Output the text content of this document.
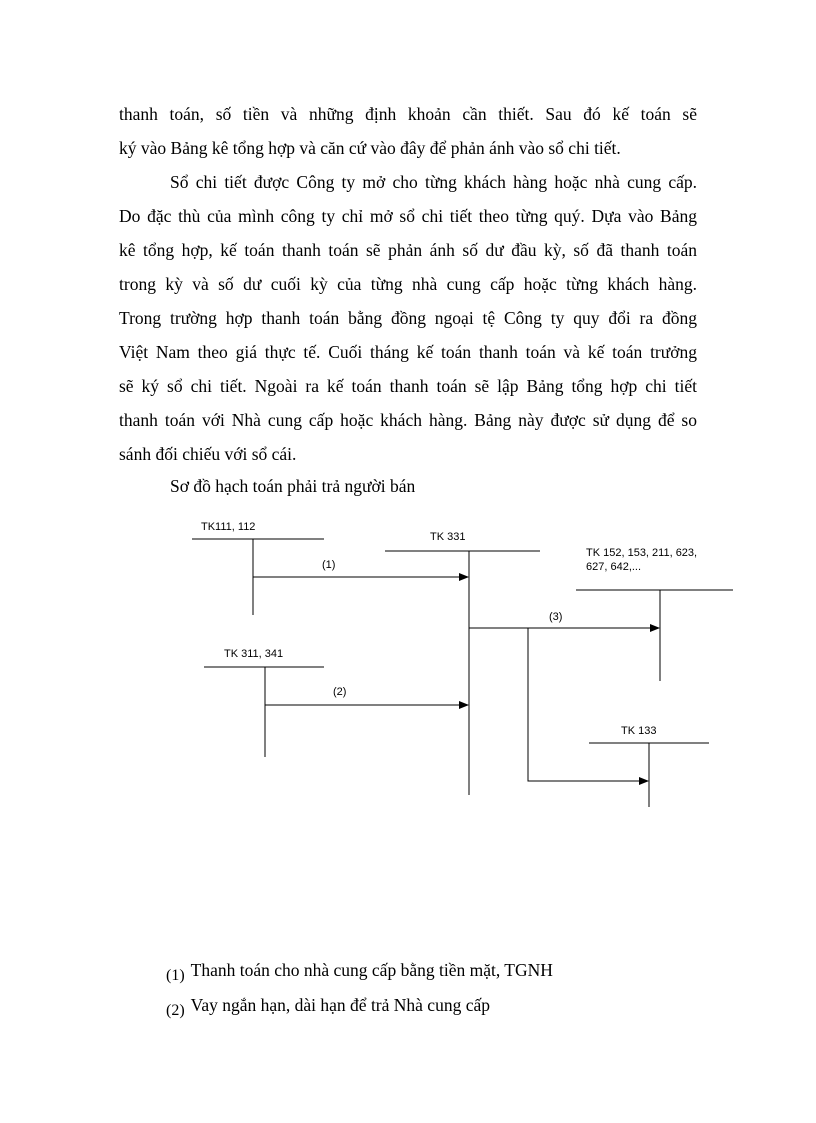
thanh toán, số tiền và những định khoản cần thiết. Sau đó kế toán sẽ
ký vào Bảng kê tổng hợp và căn cứ vào đây để phản ánh vào sổ chi tiết.
Sổ chi tiết được Công ty mở cho từng khách hàng hoặc nhà cung cấp.
Do đặc thù của mình công ty chỉ mở sổ chi tiết theo từng quý. Dựa vào Bảng
kê tổng hợp, kế toán thanh toán sẽ phản ánh số dư đầu kỳ, số đã thanh toán
trong kỳ và số dư cuối kỳ của từng nhà cung cấp hoặc từng khách hàng.
Trong trường hợp thanh toán bằng đồng ngoại tệ Công ty quy đổi ra đồng
Việt Nam theo giá thực tế. Cuối tháng kế toán thanh toán và kế toán trưởng
sẽ ký sổ chi tiết. Ngoài ra kế toán thanh toán sẽ lập Bảng tổng hợp chi tiết
thanh toán với Nhà cung cấp hoặc khách hàng. Bảng này được sử dụng để so
sánh đối chiếu với sổ cái.
Sơ đồ hạch toán phải trả người bán
TK111, 112
TK 331
TK 152, 153, 211, 623,
627, 642,...
TK 311, 341
TK 133
(1)
(2)
(3)
(1) Thanh toán cho nhà cung cấp bằng tiền mặt, TGNH
(2) Vay ngắn hạn, dài hạn để trả Nhà cung cấp
